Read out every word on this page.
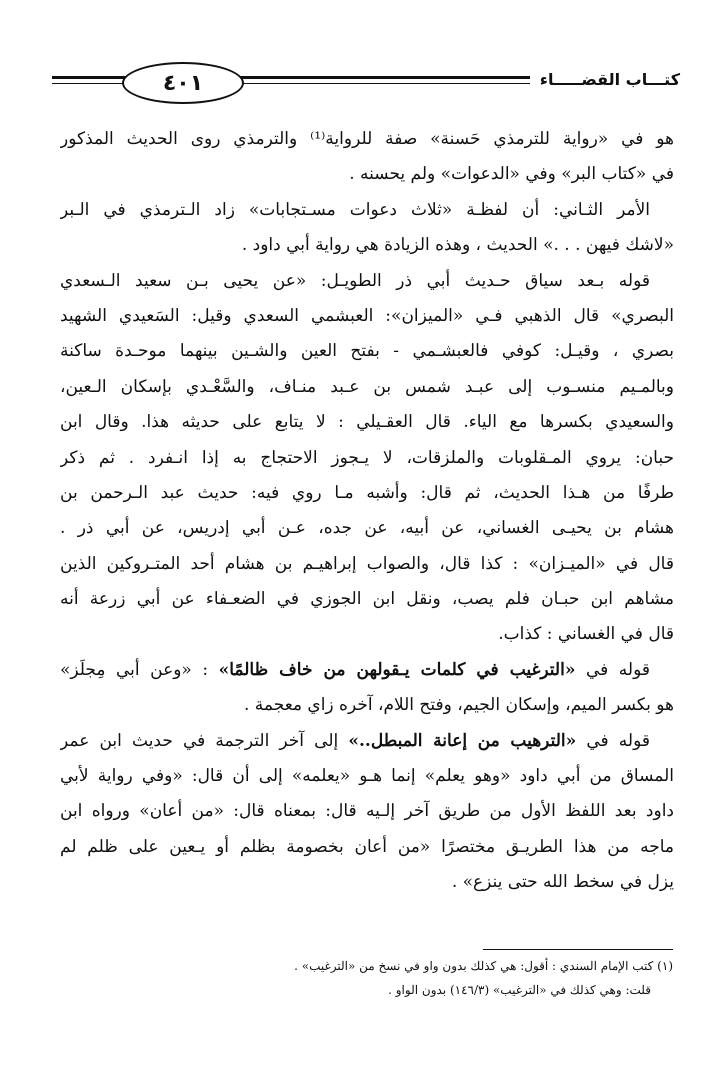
٤٠١	كتـــاب القضـــــاء
هو في «رواية للترمذي حَسنة» صفة للرواية⁽¹⁾ والترمذي روى الحديث المذكور
في «كتاب البر» وفي «الدعوات» ولم يحسنه .
الأمر الثـاني: أن لفظـة «ثلاث دعوات مسـتجابات» زاد الـترمذي في الـبر
«لاشك فيهن . . .» الحديث ، وهذه الزيادة هي رواية أبي داود .
قوله بـعد سياق حـديث أبي ذر الطويـل: «عن يحيى بـن سعيد الـسعدي
البصري» قال الذهبي فـي «الميزان»: العبشمي السعدي وقيل: السَعيدي الشهيد
بصري ، وقيـل: كوفي فالعبشـمي - بفتح العين والشـين بينهما موحـدة ساكنة
وبالمـيم منسـوب إلى عبـد شمس بن عـبد منـاف، والسَّعْـدي بإسكان الـعين،
والسعيدي بكسرها مع الياء. قال العقـيلي : لا يتابع على حديثه هذا. وقال ابن
حبان: يروي المـقلوبات والملزقات، لا يـجوز الاحتجاج به إذا انـفرد . ثم ذكر
طرفًا من هـذا الحديث، ثم قال: وأشبه مـا روي فيه: حديث عبد الـرحمن بن
هشام بن يحيـى الغساني، عن أبيه، عن جده، عـن أبي إدريس، عن أبي ذر .
قال في «الميـزان» : كذا قال، والصواب إبراهيـم بن هشام أحد المتـروكين الذين
مشاهم ابن حبـان فلم يصب، ونقل ابن الجوزي في الضعـفاء عن أبي زرعة أنه
قال في الغساني : كذاب.
قوله في «الترغيب في كلمات يـقولهن من خاف ظالمًا» : «وعن أبي مِجلَز»
هو بكسر الميم، وإسكان الجيم، وفتح اللام، آخره زاي معجمة .
قوله في «الترهيب من إعانة المبطل..» إلى آخر الترجمة في حديث ابن عمر
المساق من أبي داود «وهو يعلم» إنما هـو «يعلمه» إلى أن قال: «وفي رواية لأبي
داود بعد اللفظ الأول من طريق آخر إلـيه قال: بمعناه قال: «من أعان» ورواه ابن
ماجه من هذا الطريـق مختصرًا «من أعان بخصومة بظلم أو يـعين على ظلم لم
يزل في سخط الله حتى ينزع» .
(١) كتب الإمام السندي : أقول: هي كذلك بدون واو في نسخ من «الترغيب» .
قلت: وهي كذلك في «الترغيب» (١٤٦/٣) بدون الواو .
